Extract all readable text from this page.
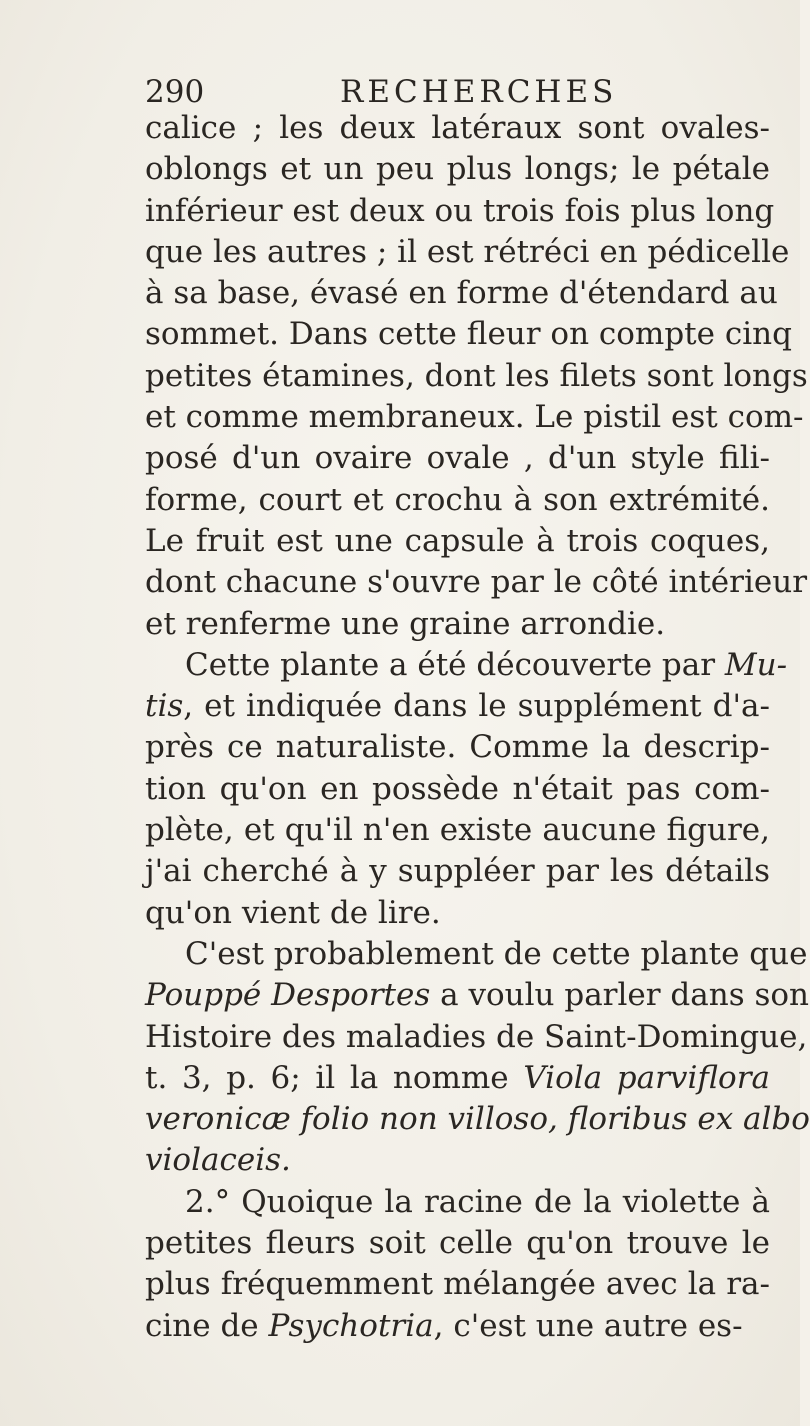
290	RECHERCHES
calice ; les deux latéraux sont ovales-
oblongs et un peu plus longs; le pétale
inférieur est deux ou trois fois plus long
que les autres ; il est rétréci en pédicelle
à sa base, évasé en forme d'étendard au
sommet. Dans cette fleur on compte cinq
petites étamines, dont les filets sont longs
et comme membraneux. Le pistil est com-
posé d'un ovaire ovale , d'un style fili-
forme, court et crochu à son extrémité.
Le fruit est une capsule à trois coques,
dont chacune s'ouvre par le côté intérieur
et renferme une graine arrondie.
Cette plante a été découverte par Mu-
tis, et indiquée dans le supplément d'a-
près ce naturaliste. Comme la descrip-
tion qu'on en possède n'était pas com-
plète, et qu'il n'en existe aucune figure,
j'ai cherché à y suppléer par les détails
qu'on vient de lire.
C'est probablement de cette plante que
Pouppé Desportes a voulu parler dans son
Histoire des maladies de Saint-Domingue,
t. 3, p. 6; il la nomme Viola parviflora
veronicæ folio non villoso, floribus ex albo
violaceis.
2.° Quoique la racine de la violette à
petites fleurs soit celle qu'on trouve le
plus fréquemment mélangée avec la ra-
cine de Psychotria, c'est une autre es-
